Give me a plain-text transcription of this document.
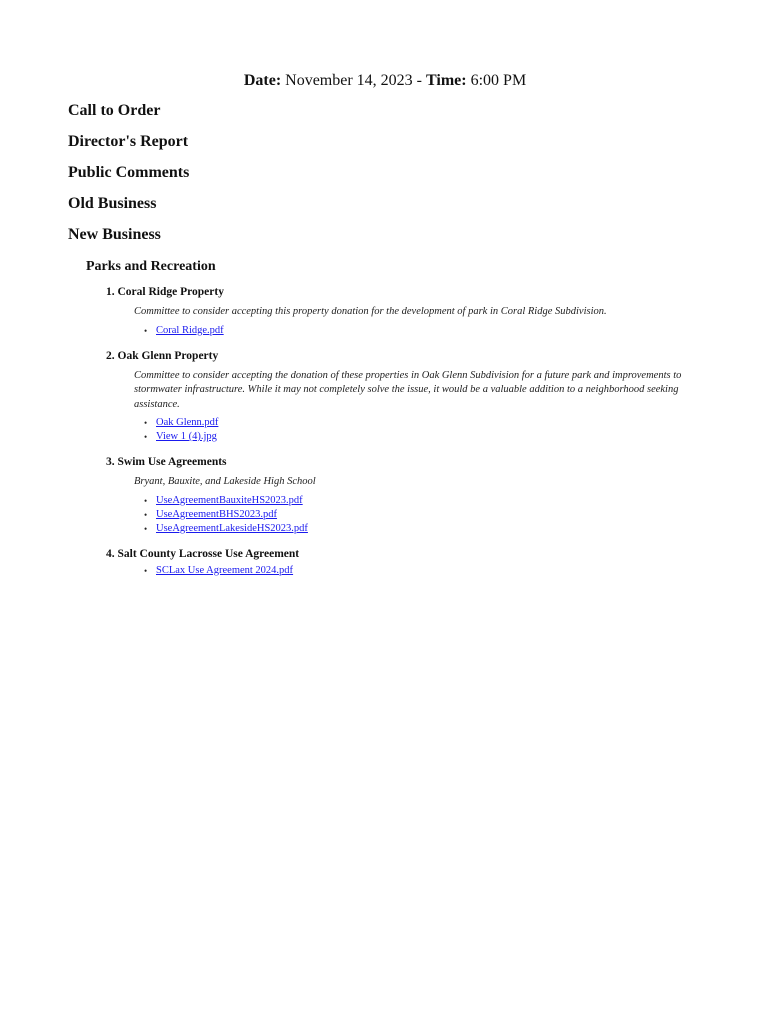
Date: November 14, 2023 - Time: 6:00 PM
Call to Order
Director's Report
Public Comments
Old Business
New Business
Parks and Recreation
1. Coral Ridge Property
Committee to consider accepting this property donation for the development of park in Coral Ridge Subdivision.
• Coral Ridge.pdf
2. Oak Glenn Property
Committee to consider accepting the donation of these properties in Oak Glenn Subdivision for a future park and improvements to stormwater infrastructure. While it may not completely solve the issue, it would be a valuable addition to a neighborhood seeking assistance.
• Oak Glenn.pdf
• View 1 (4).jpg
3. Swim Use Agreements
Bryant, Bauxite, and Lakeside High School
• UseAgreementBauxiteHS2023.pdf
• UseAgreementBHS2023.pdf
• UseAgreementLakesideHS2023.pdf
4. Salt County Lacrosse Use Agreement
• SCLax Use Agreement 2024.pdf
